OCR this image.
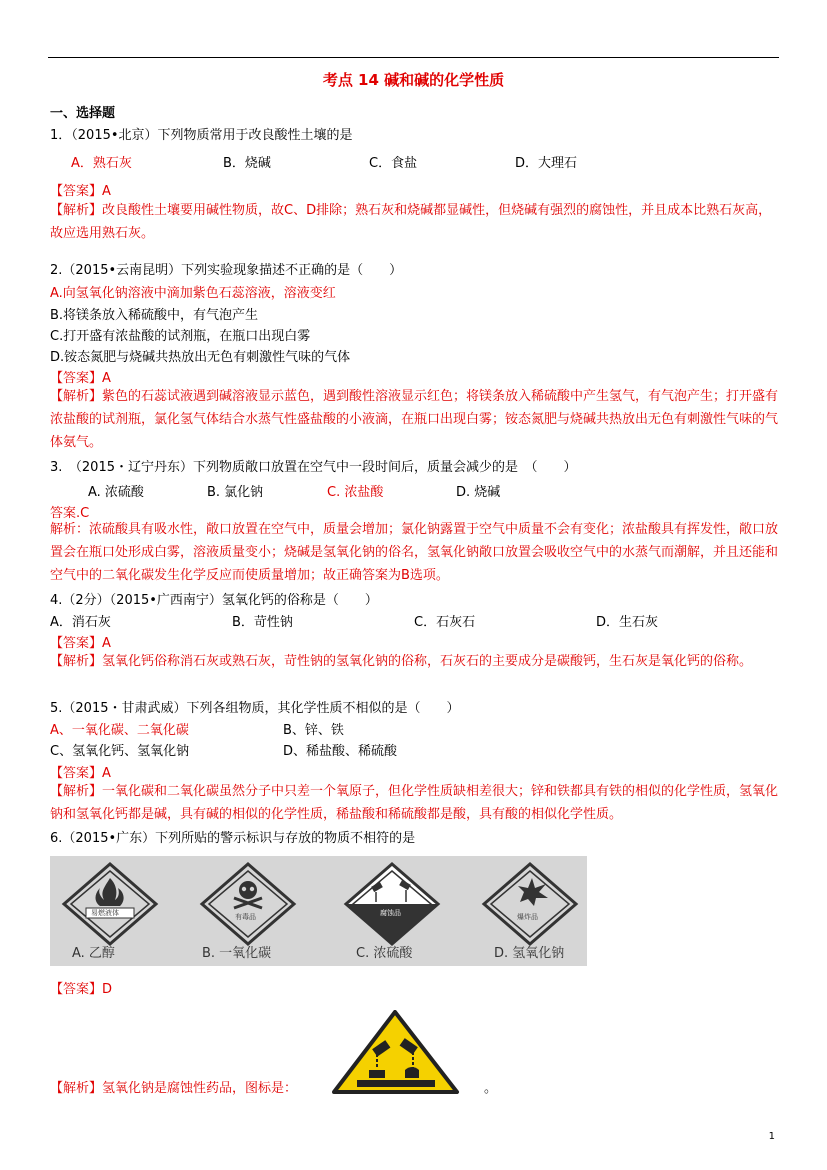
考点 14 碱和碱的化学性质
一、选择题
1．（2015•北京）下列物质常用于改良酸性土壤的是
A．熟石灰	B．烧碱	C．食盐	D．大理石
【答案】A
【解析】改良酸性土壤要用碱性物质，故C、D排除；熟石灰和烧碱都显碱性，但烧碱有强烈的腐蚀性，并且成本比熟石灰高，故应选用熟石灰。
2.（2015•云南昆明）下列实验现象描述不正确的是（　　）
A.向氢氧化钠溶液中滴加紫色石蕊溶液，溶液变红
B.将镁条放入稀硫酸中，有气泡产生
C.打开盛有浓盐酸的试剂瓶，在瓶口出现白雾
D.铵态氮肥与烧碱共热放出无色有刺激性气味的气体
【答案】A
【解析】紫色的石蕊试液遇到碱溶液显示蓝色，遇到酸性溶液显示红色；将镁条放入稀硫酸中产生氢气，有气泡产生；打开盛有浓盐酸的试剂瓶，氯化氢气体结合水蒸气性盛盐酸的小液滴，在瓶口出现白雾；铵态氮肥与烧碱共热放出无色有刺激性气味的气体氨气。
3.　（2015・辽宁丹东）下列物质敞口放置在空气中一段时间后，质量会减少的是　（　　）
A. 浓硫酸	B. 氯化钠	C. 浓盐酸	D. 烧碱
答案.C
解析：浓硫酸具有吸水性，敞口放置在空气中，质量会增加；氯化钠露置于空气中质量不会有变化；浓盐酸具有挥发性，敞口放置会在瓶口处形成白雾，溶液质量变小；烧碱是氢氧化钠的俗名，氢氧化钠敞口放置会吸收空气中的水蒸气而潮解，并且还能和空气中的二氧化碳发生化学反应而使质量增加；故正确答案为B选项。
4.（2分）（2015•广西南宁）氢氧化钙的俗称是（　　）
A．消石灰	B．苛性钠	C．石灰石	D．生石灰
【答案】A
【解析】氢氧化钙俗称消石灰或熟石灰，苛性钠的氢氧化钠的俗称，石灰石的主要成分是碳酸钙，生石灰是氧化钙的俗称。
5.（2015・甘肃武威）下列各组物质，其化学性质不相似的是（　　）
A、一氧化碳、二氧化碳	B、锌、铁
C、氢氧化钙、氢氧化钠	D、稀盐酸、稀硫酸
【答案】A
【解析】一氧化碳和二氧化碳虽然分子中只差一个氧原子，但化学性质缺相差很大；锌和铁都具有铁的相似的化学性质，氢氧化钠和氢氧化钙都是碱，具有碱的相似的化学性质，稀盐酸和稀硫酸都是酸，具有酸的相似化学性质。
6.（2015•广东）下列所贴的警示标识与存放的物质不相符的是
易燃液体
A. 乙醇
有毒品
B. 一氧化碳
腐蚀品
C. 浓硫酸
爆炸品
D. 氢氧化钠
【答案】D
【解析】氢氧化钠是腐蚀性药品，图标是：	。
1
